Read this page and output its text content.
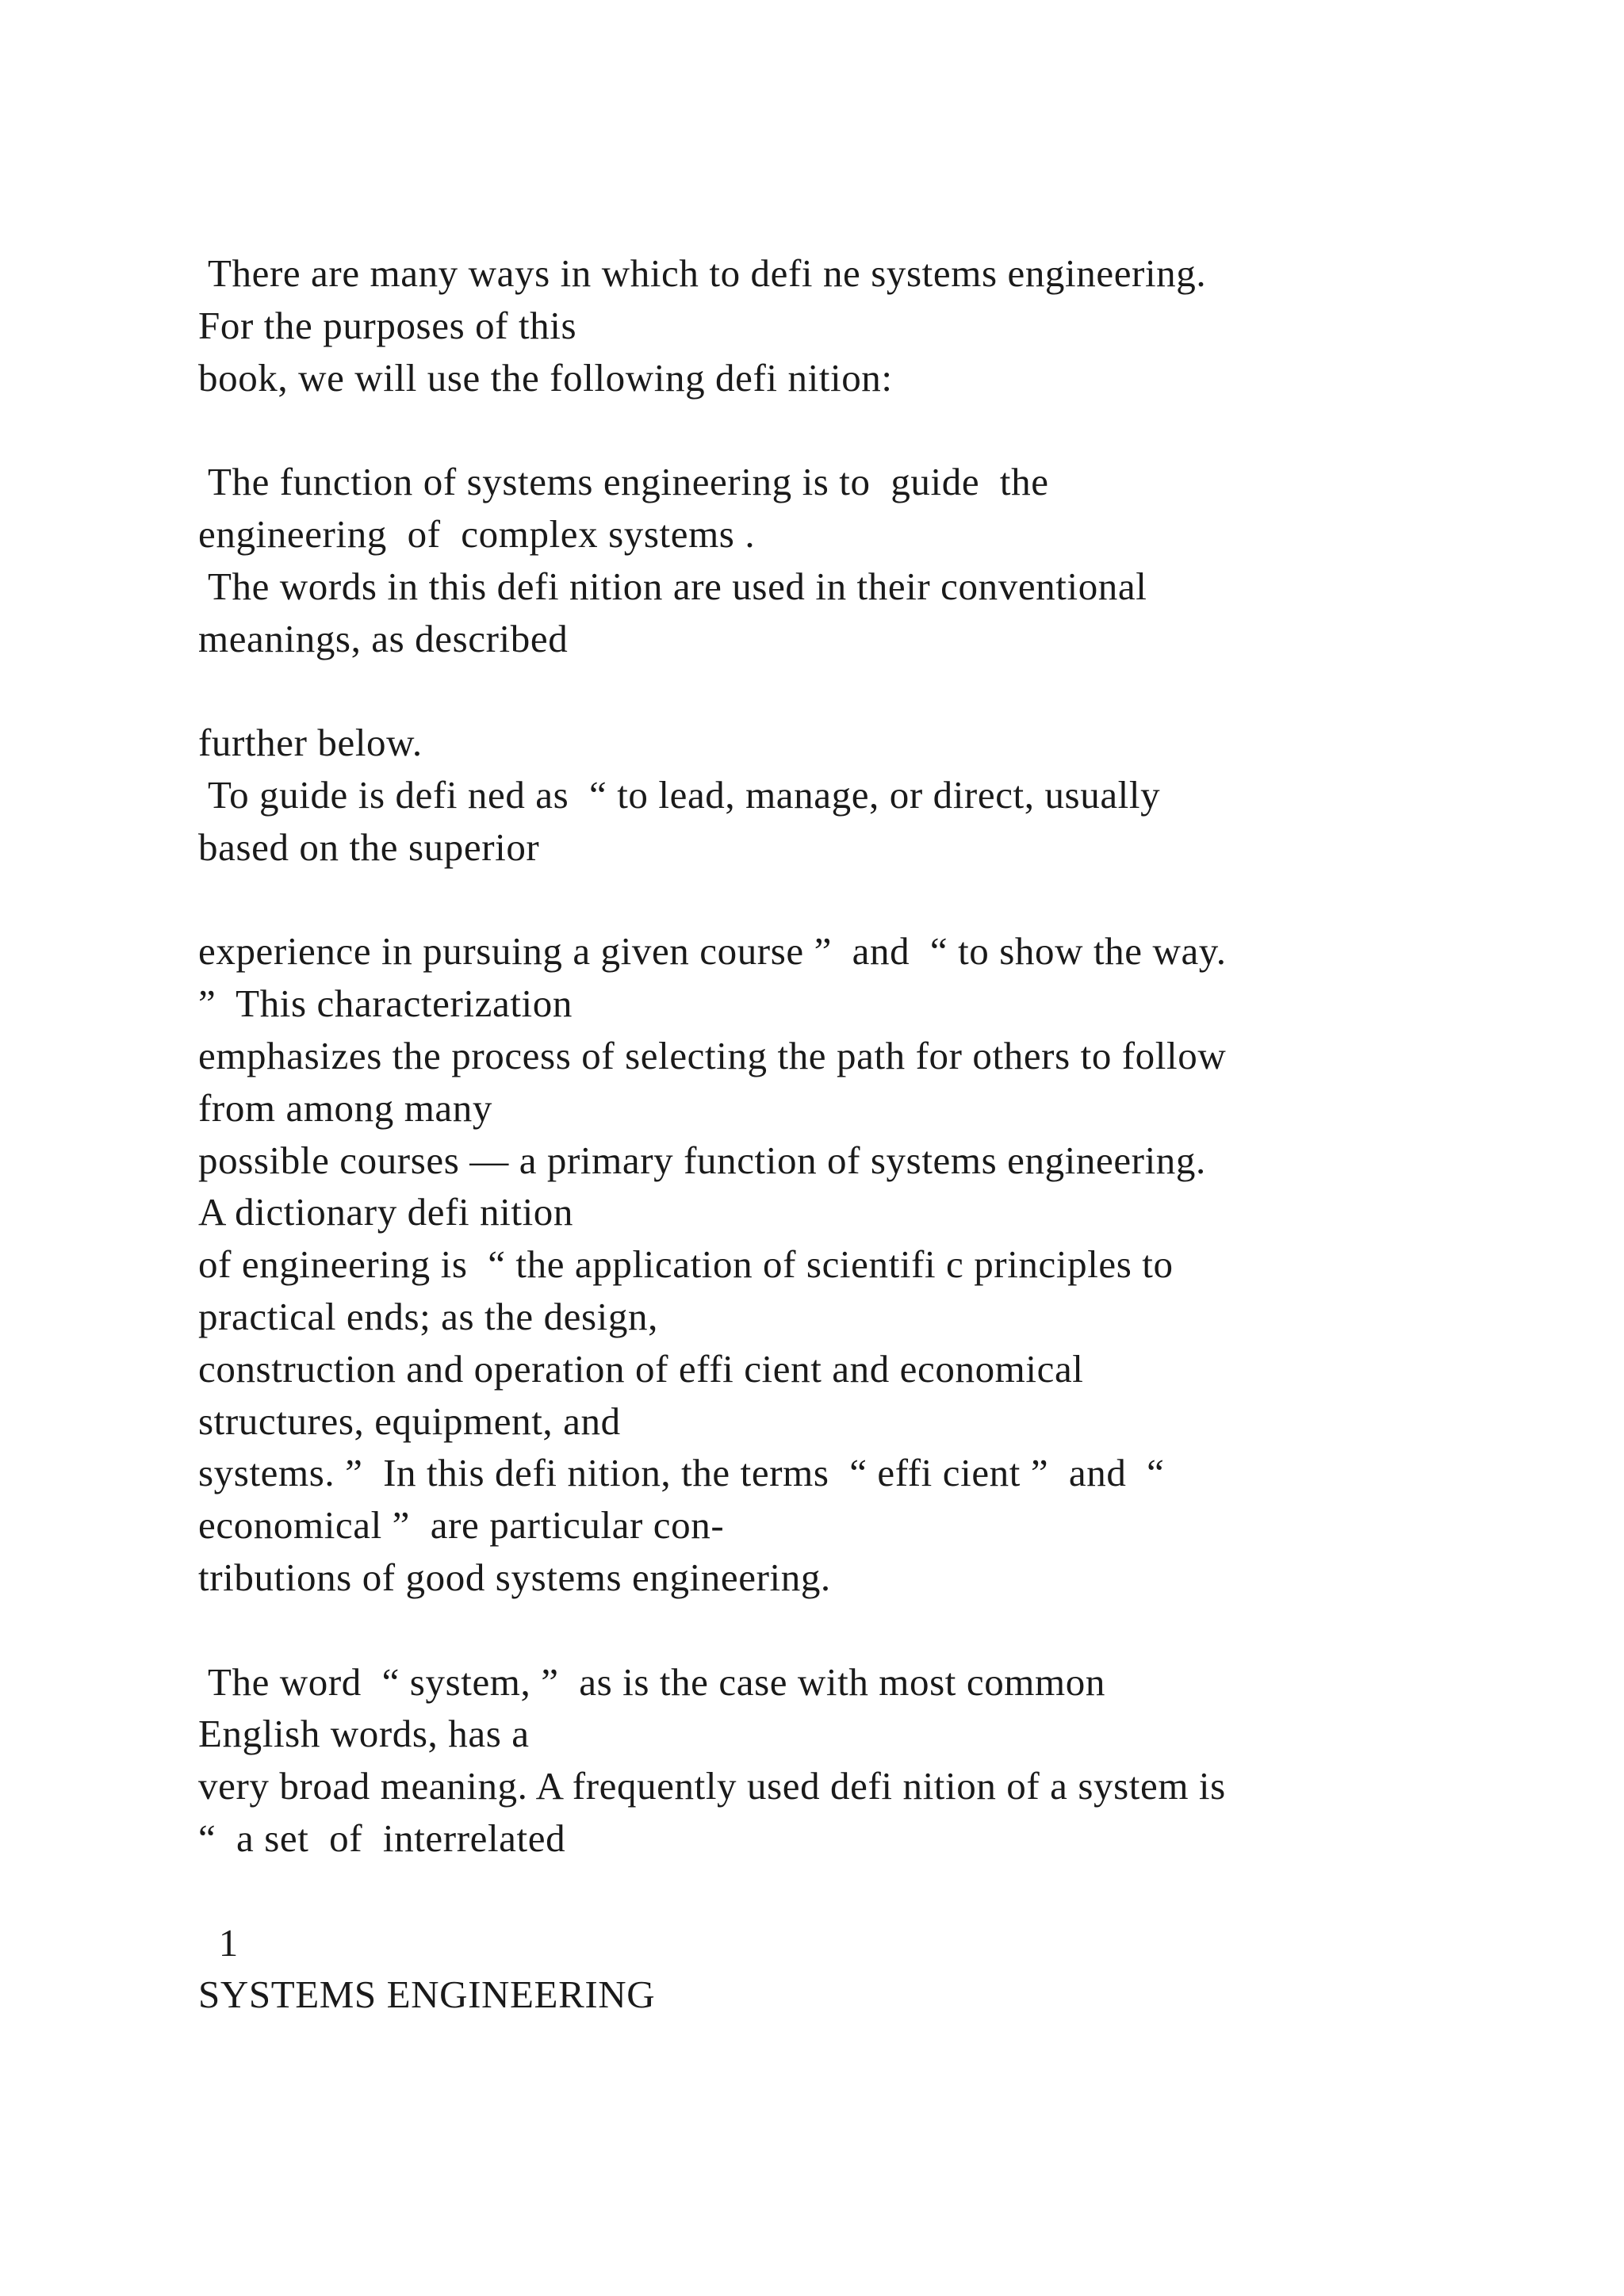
There are many ways in which to defi ne systems engineering.
For the purposes of this
book, we will use the following defi nition:
The function of systems engineering is to  guide  the
engineering  of  complex systems .
The words in this defi nition are used in their conventional
meanings, as described
further below.
To guide is defi ned as  “ to lead, manage, or direct, usually
based on the superior
experience in pursuing a given course ”  and  “ to show the way.
”  This characterization
emphasizes the process of selecting the path for others to follow
from among many
possible courses — a primary function of systems engineering.
A dictionary defi nition
of engineering is  “ the application of scientifi c principles to
practical ends; as the design,
construction and operation of effi cient and economical
structures, equipment, and
systems. ”  In this defi nition, the terms  “ effi cient ”  and  “
economical ”  are particular con-
tributions of good systems engineering.
The word  “ system, ”  as is the case with most common
English words, has a
very broad meaning. A frequently used defi nition of a system is
“  a set  of  interrelated
1
SYSTEMS ENGINEERING
